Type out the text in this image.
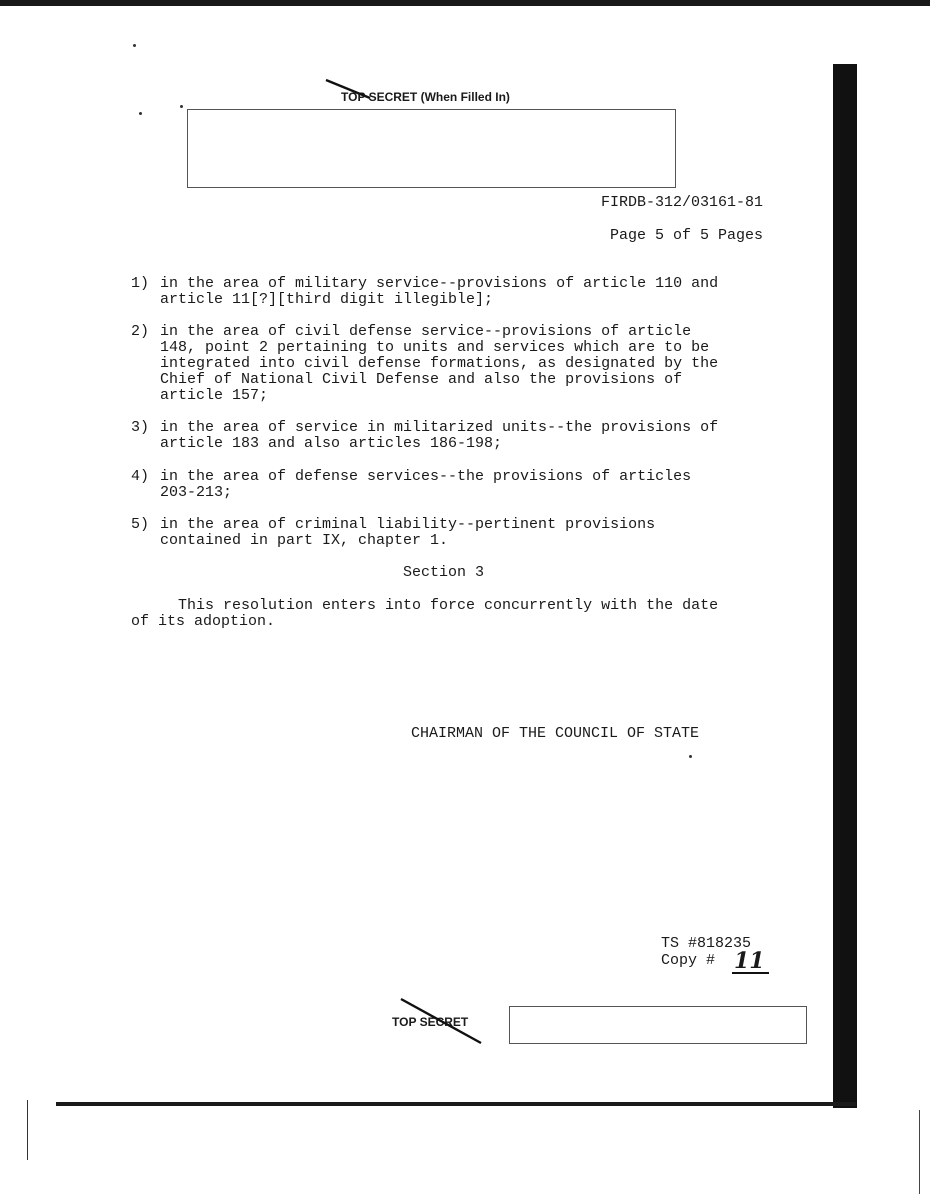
TOP SECRET (When Filled In)
FIRDB-312/03161-81
Page 5 of 5 Pages
1) in the area of military service--provisions of article 110 and
article 11[?][third digit illegible];
2) in the area of civil defense service--provisions of article
148, point 2 pertaining to units and services which are to be
integrated into civil defense formations, as designated by the
Chief of National Civil Defense and also the provisions of
article 157;
3) in the area of service in militarized units--the provisions of
article 183 and also articles 186-198;
4) in the area of defense services--the provisions of articles
203-213;
5) in the area of criminal liability--pertinent provisions
contained in part IX, chapter 1.
Section 3
This resolution enters into force concurrently with the date
of its adoption.
CHAIRMAN OF THE COUNCIL OF STATE
TS #818235
Copy # 11
TOP SECRET
